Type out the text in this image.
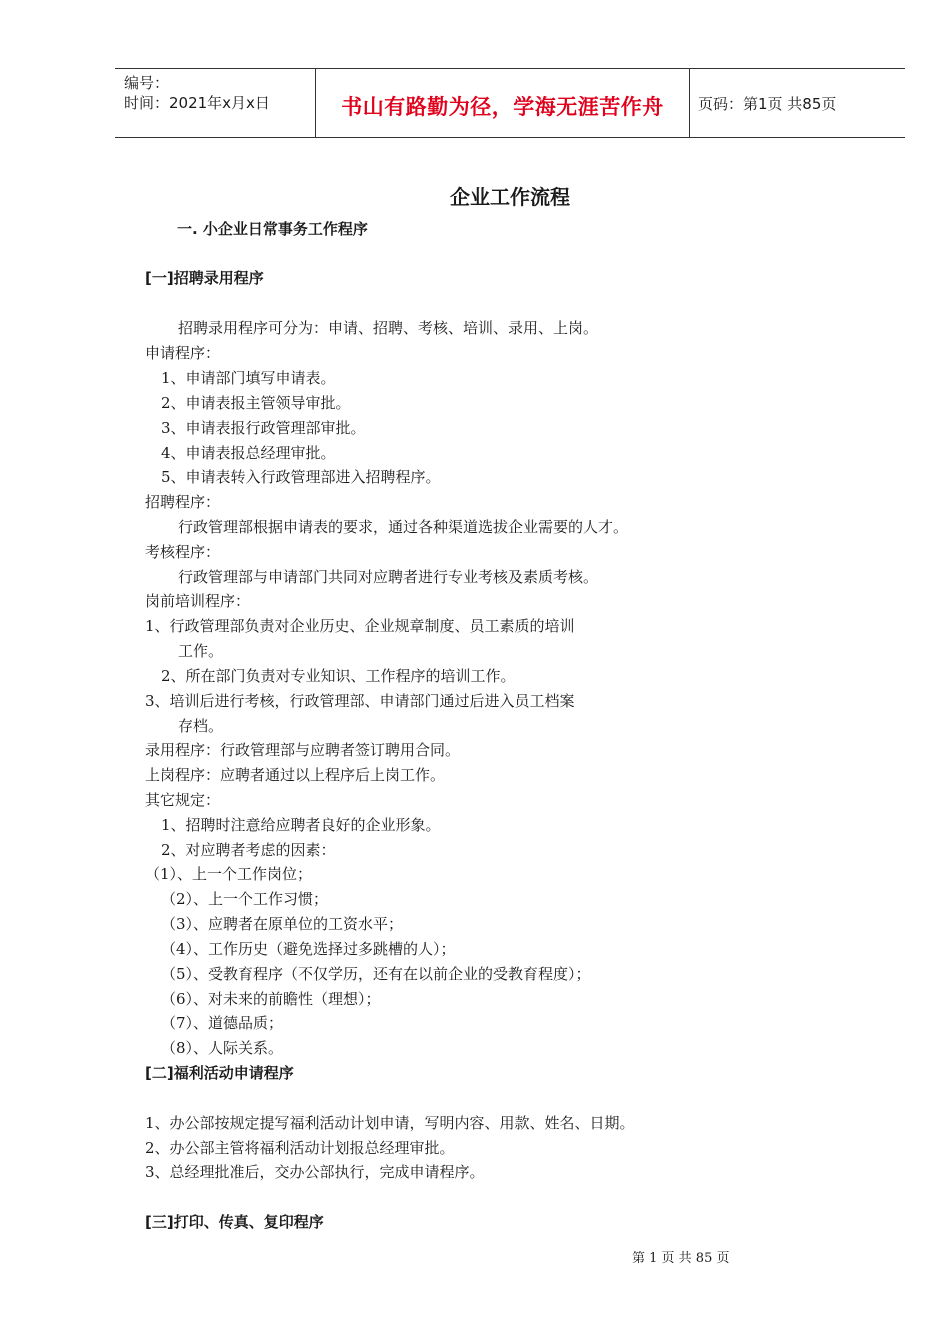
编号：
时间：2021年x月x日	书山有路勤为径，学海无涯苦作舟	页码：第1页 共85页
企业工作流程
一. 小企业日常事务工作程序
[一]招聘录用程序
招聘录用程序可分为：申请、招聘、考核、培训、录用、上岗。
申请程序：
1、申请部门填写申请表。
2、申请表报主管领导审批。
3、申请表报行政管理部审批。
4、申请表报总经理审批。
5、申请表转入行政管理部进入招聘程序。
招聘程序：
行政管理部根据申请表的要求，通过各种渠道选拔企业需要的人才。
考核程序：
行政管理部与申请部门共同对应聘者进行专业考核及素质考核。
岗前培训程序：
1、行政管理部负责对企业历史、企业规章制度、员工素质的培训
工作。
2、所在部门负责对专业知识、工作程序的培训工作。
3、培训后进行考核，行政管理部、申请部门通过后进入员工档案
存档。
录用程序：行政管理部与应聘者签订聘用合同。
上岗程序：应聘者通过以上程序后上岗工作。
其它规定：
1、招聘时注意给应聘者良好的企业形象。
2、对应聘者考虑的因素：
（1）、上一个工作岗位；
（2）、上一个工作习惯；
（3）、应聘者在原单位的工资水平；
（4）、工作历史（避免选择过多跳槽的人）；
（5）、受教育程序（不仅学历，还有在以前企业的受教育程度）；
（6）、对未来的前瞻性（理想）；
（7）、道德品质；
（8）、人际关系。
[二]福利活动申请程序
1、办公部按规定提写福利活动计划申请，写明内容、用款、姓名、日期。
2、办公部主管将福利活动计划报总经理审批。
3、总经理批准后，交办公部执行，完成申请程序。
[三]打印、传真、复印程序
第 1 页 共 85 页
